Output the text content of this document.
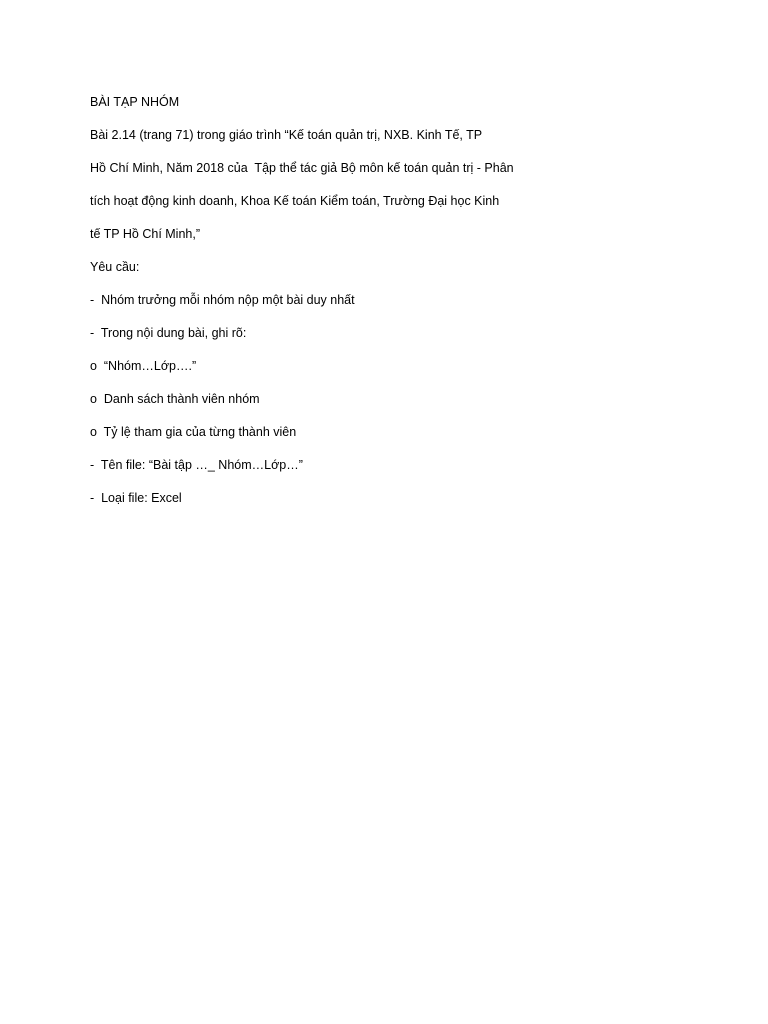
BÀI TẠP NHÓM
Bài 2.14 (trang 71) trong giáo trình “Kế toán quản trị, NXB. Kinh Tế, TP
Hồ Chí Minh, Năm 2018 của  Tập thể tác giả Bộ môn kế toán quản trị - Phân
tích hoạt động kinh doanh, Khoa Kế toán Kiểm toán, Trường Đại học Kinh
tế TP Hồ Chí Minh,”
Yêu cầu:
-  Nhóm trưởng mỗi nhóm nộp một bài duy nhất
-  Trong nội dung bài, ghi rõ:
o  “Nhóm…Lớp….”
o  Danh sách thành viên nhóm
o  Tỷ lệ tham gia của từng thành viên
-  Tên file: “Bài tập …_ Nhóm…Lớp…”
-  Loại file: Excel
